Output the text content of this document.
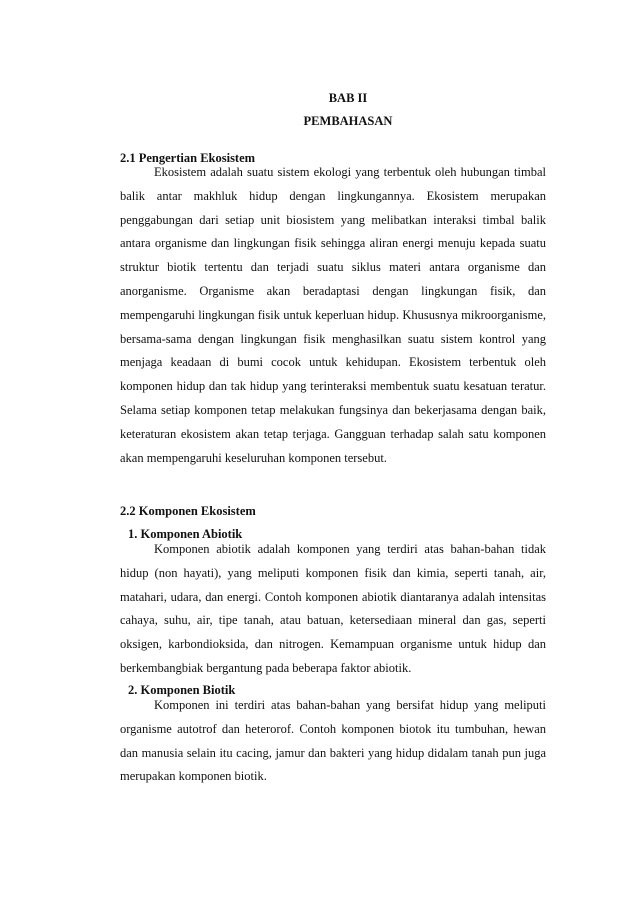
BAB II
PEMBAHASAN
2.1 Pengertian Ekosistem

Ekosistem adalah suatu sistem ekologi yang terbentuk oleh hubungan timbal balik antar makhluk hidup dengan lingkungannya. Ekosistem merupakan penggabungan dari setiap unit biosistem yang melibatkan interaksi timbal balik antara organisme dan lingkungan fisik sehingga aliran energi menuju kepada suatu struktur biotik tertentu dan terjadi suatu siklus materi antara organisme dan anorganisme. Organisme akan beradaptasi dengan lingkungan fisik, dan mempengaruhi lingkungan fisik untuk keperluan hidup. Khususnya mikroorganisme, bersama-sama dengan lingkungan fisik menghasilkan suatu sistem kontrol yang menjaga keadaan di bumi cocok untuk kehidupan. Ekosistem terbentuk oleh komponen hidup dan tak hidup yang terinteraksi membentuk suatu kesatuan teratur. Selama setiap komponen tetap melakukan fungsinya dan bekerjasama dengan baik, keteraturan ekosistem akan tetap terjaga. Gangguan terhadap salah satu komponen akan mempengaruhi keseluruhan komponen tersebut.

2.2 Komponen Ekosistem
1. Komponen Abiotik

Komponen abiotik adalah komponen yang terdiri atas bahan-bahan tidak hidup (non hayati), yang meliputi komponen fisik dan kimia, seperti tanah, air, matahari, udara, dan energi. Contoh komponen abiotik diantaranya adalah intensitas cahaya, suhu, air, tipe tanah, atau batuan, ketersediaan mineral dan gas, seperti oksigen, karbondioksida, dan nitrogen. Kemampuan organisme untuk hidup dan berkembangbiak bergantung pada beberapa faktor abiotik.

2. Komponen Biotik

Komponen ini terdiri atas bahan-bahan yang bersifat hidup yang meliputi organisme autotrof dan heterorof. Contoh komponen biotok itu tumbuhan, hewan dan manusia selain itu cacing, jamur dan bakteri yang hidup didalam tanah pun juga merupakan komponen biotik.
